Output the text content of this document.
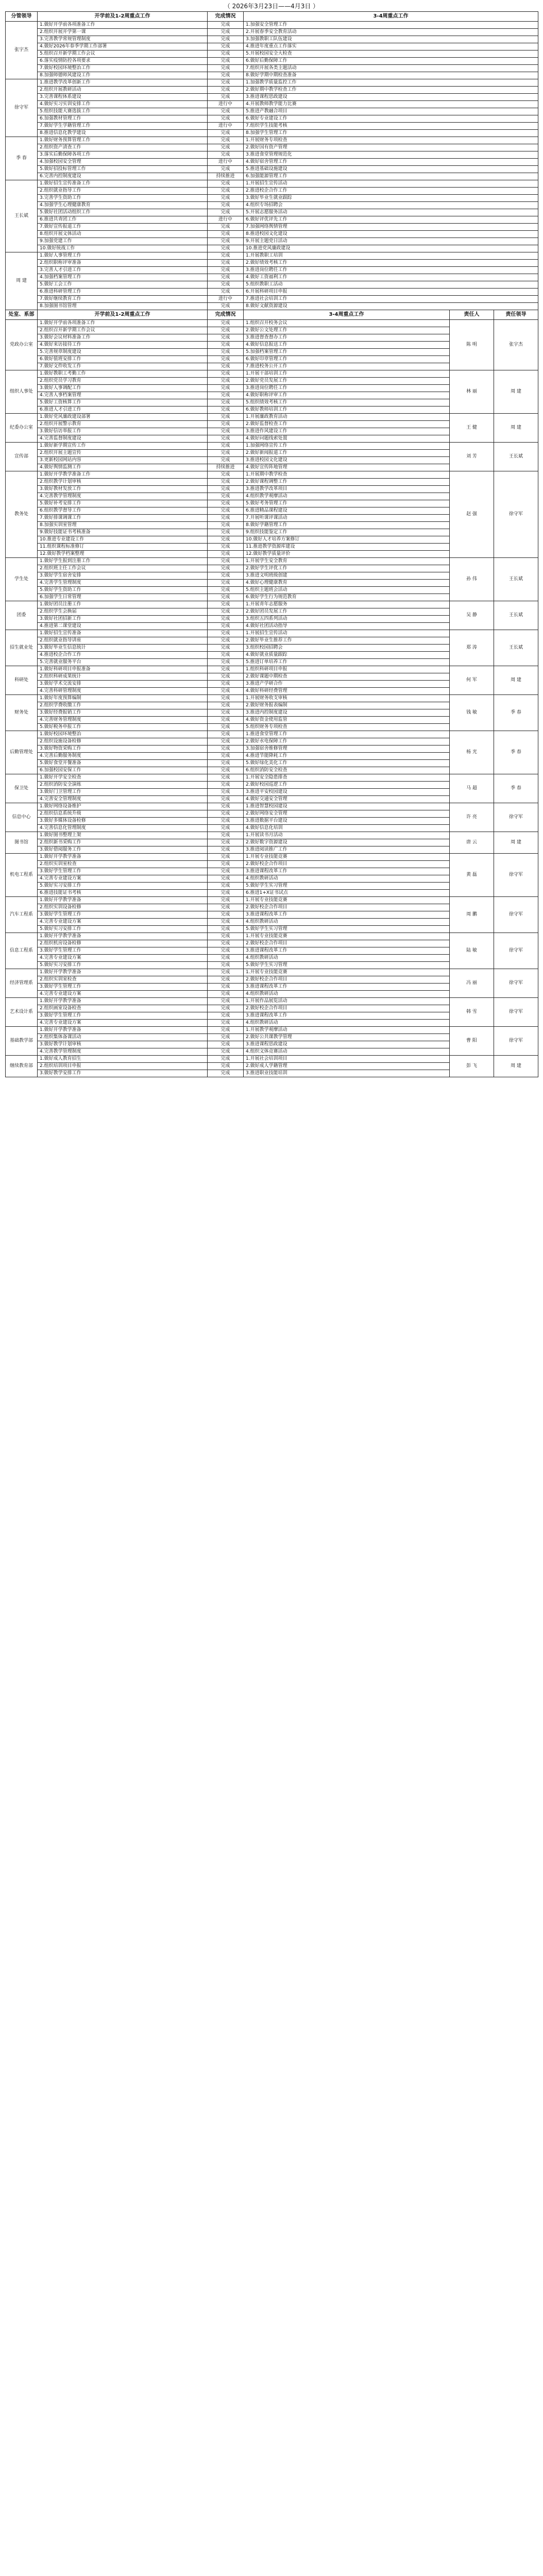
（ 2026年3月23日——4月3日 ）
分管领导	开学前及1-2周重点工作	完成情况	3-4周重点工作		
张宇杰	1.做好开学前各项准备工作	完成	1.加强安全管理工作		
	2.组织开展开学第一课	完成	2.开展春季安全教育活动		
	3.完善教学常规管理制度	完成	3.加强教职工队伍建设		
	4.做好2026年春季学期工作部署	完成	4.推进年度重点工作落实		
	5.组织召开新学期工作会议	完成	5.开展校园安全大检查		
	6.落实疫情防控各项要求	完成	6.做好后勤保障工作		
	7.做好校园环境整治工作	完成	7.组织开展各类主题活动		
	8.加强师德师风建设工作	完成	8.做好学期中期检查准备		
徐守军	1.推进教学改革创新工作	完成	1.加强教学质量监控工作		
	2.组织开展教研活动	完成	2.做好期中教学检查工作		
	3.完善课程体系建设	完成	3.推进课程思政建设		
	4.做好实习实训安排工作	进行中	4.开展教师教学能力比赛		
	5.组织技能大赛选拔工作	完成	5.推进产教融合项目		
	6.加强教材管理工作	完成	6.做好专业建设工作		
	7.做好学生学籍管理工作	进行中	7.组织学生技能考核		
	8.推进信息化教学建设	完成	8.加强学生管理工作		
季 春	1.做好财务预算管理工作	完成	1.开展财务专项检查		
	2.组织资产清查工作	完成	2.做好国有资产管理		
	3.落实后勤保障各项工作	完成	3.推进食堂管理规范化		
	4.加强校园安全管理	进行中	4.做好宿舍管理工作		
	5.做好招投标管理工作	完成	5.推进基础设施建设		
	6.完善内控制度建设	持续推进	6.加强能源管理工作		
王长斌	1.做好招生宣传准备工作	完成	1.开展招生宣传活动		
	2.组织就业指导工作	完成	2.推进校企合作工作		
	3.完善学生资助工作	完成	3.做好毕业生就业跟踪		
	4.加强学生心理健康教育	完成	4.组织专场招聘会		
	5.做好社团活动组织工作	完成	5.开展志愿服务活动		
	6.推进共青团工作	进行中	6.做好评优评先工作		
	7.做好宣传报道工作	完成	7.加强网络舆情管理		
	8.组织开展文体活动	完成	8.推进校园文化建设		
	9.加强党建工作	完成	9.开展主题党日活动		
	10.做好统战工作	完成	10.推进党风廉政建设		
周 建	1.做好人事管理工作	完成	1.开展教职工培训		
	2.组织职称评审准备	完成	2.做好绩效考核工作		
	3.完善人才引进工作	完成	3.推进岗位聘任工作		
	4.加强档案管理工作	完成	4.做好工资福利工作		
	5.做好工会工作	完成	5.组织教职工活动		
	6.推进科研管理工作	完成	6.开展科研项目申报		
	7.做好继续教育工作	进行中	7.推进社会培训工作		
	8.加强图书馆管理	完成	8.做好文献资源建设		
处室、系部	开学前及1-2周重点工作	完成情况	3-4周重点工作	责任人	责任领导
党政办公室	1.做好开学前各项准备工作	完成	1.组织召开校务会议	陈 明	张宇杰
	2.组织召开新学期工作会议	完成	2.做好公文处理工作		
	3.做好会议材料准备工作	完成	3.推进督查督办工作		
	4.做好来访接待工作	完成	4.做好信息报送工作		
	5.完善规章制度建设	完成	5.加强档案管理工作		
	6.做好值班安排工作	完成	6.做好印章管理工作		
	7.做好文件收发工作	完成	7.推进校务公开工作		
组织人事处	1.做好教职工考勤工作	完成	1.开展干部培训工作	林 丽	周 建
	2.组织党员学习教育	完成	2.做好党员发展工作		
	3.做好人事调配工作	完成	3.推进岗位聘任工作		
	4.完善人事档案管理	完成	4.做好职称评审工作		
	5.做好工资核算工作	完成	5.组织绩效考核工作		
	6.推进人才引进工作	完成	6.做好教师培训工作		
纪委办公室	1.做好党风廉政建设部署	完成	1.开展廉政教育活动	王 健	周 建
	2.组织开展警示教育	完成	2.做好监督检查工作		
	3.做好信访举报工作	完成	3.推进作风建设工作		
	4.完善监督制度建设	完成	4.做好问题线索处置		
宣传部	1.做好新学期宣传工作	完成	1.加强网络宣传工作	刘 芳	王长斌
	2.组织开展主题宣传	完成	2.做好新闻报道工作		
	3.更新校园网站内容	完成	3.推进校园文化建设		
	4.做好舆情监测工作	持续推进	4.做好宣传阵地管理		
教务处	1.做好开学教学准备工作	完成	1.开展期中教学检查	赵 强	徐守军
	2.组织教学计划审核	完成	2.做好课程调整工作		
	3.做好教材发放工作	完成	3.推进教学改革项目		
	4.完善教学管理制度	完成	4.组织教学观摩活动		
	5.做好补考安排工作	完成	5.做好考务管理工作		
	6.组织教学督导工作	完成	6.推进精品课程建设		
	7.做好排课调课工作	完成	7.开展听课评课活动		
	8.加强实训室管理	完成	8.做好学籍管理工作		
	9.做好技能证书考核准备	完成	9.组织技能鉴定工作		
	10.推进专业建设工作	完成	10.做好人才培养方案修订		
	11.组织课程标准修订	完成	11.推进教学资源库建设		
	12.做好教学档案整理	完成	12.做好教学质量评价		
学生处	1.做好学生报到注册工作	完成	1.开展学生安全教育	孙 伟	王长斌
	2.组织班主任工作会议	完成	2.做好学生评优工作		
	3.做好学生宿舍安排	完成	3.推进文明班级创建		
	4.完善学生管理制度	完成	4.做好心理健康教育		
	5.做好学生资助工作	完成	5.组织主题班会活动		
	6.加强学生日常管理	完成	6.做好学生行为规范教育		
团委	1.做好团员注册工作	完成	1.开展青年志愿服务	吴 静	王长斌
	2.组织学生会换届	完成	2.做好团员发展工作		
	3.做好社团招新工作	完成	3.组织五四系列活动		
	4.推进第二课堂建设	完成	4.做好社团活动指导		
招生就业处	1.做好招生宣传准备	完成	1.开展招生宣传活动	郑 涛	王长斌
	2.组织就业指导讲座	完成	2.做好毕业生推荐工作		
	3.做好毕业生信息统计	完成	3.组织校园招聘会		
	4.推进校企合作工作	完成	4.做好就业质量跟踪		
	5.完善就业服务平台	完成	5.推进订单培养工作		
科研处	1.做好科研项目申报准备	完成	1.组织科研项目申报	何 军	周 建
	2.组织科研成果统计	完成	2.做好课题中期检查		
	3.做好学术交流安排	完成	3.推进产学研合作		
	4.完善科研管理制度	完成	4.做好科研经费管理		
财务处	1.做好年度预算编制	完成	1.开展财务收支审核	钱 敏	季 春
	2.组织学费收缴工作	完成	2.做好财务报表编制		
	3.做好经费报销工作	完成	3.推进内控制度建设		
	4.完善财务管理制度	完成	4.做好资金使用监管		
	5.做好税务申报工作	完成	5.组织财务专项检查		
后勤管理处	1.做好校园环境整治	完成	1.推进食堂管理工作	杨 光	季 春
	2.组织设施设备检修	完成	2.做好水电保障工作		
	3.做好物资采购工作	完成	3.加强宿舍维修管理		
	4.完善后勤服务制度	完成	4.推进节能降耗工作		
	5.做好食堂开餐准备	完成	5.做好绿化美化工作		
	6.加强校园安保工作	完成	6.组织消防安全检查		
保卫处	1.做好开学安全检查	完成	1.开展安全隐患排查	马 超	季 春
	2.组织消防安全演练	完成	2.做好校园巡逻工作		
	3.做好门卫管理工作	完成	3.推进平安校园建设		
	4.完善安全管理制度	完成	4.做好交通安全管理		
信息中心	1.做好网络设备维护	完成	1.推进智慧校园建设	许 亮	徐守军
	2.组织信息系统升级	完成	2.做好网络安全管理		
	3.做好多媒体设备检修	完成	3.推进数据平台建设		
	4.完善信息化管理制度	完成	4.做好信息化培训		
图书馆	1.做好图书整理上架	完成	1.开展读书月活动	唐 云	周 建
	2.组织新书采购工作	完成	2.做好数字资源建设		
	3.做好借阅服务工作	完成	3.推进阅读推广工作		
机电工程系	1.做好开学教学准备	完成	1.开展专业技能竞赛	黄 磊	徐守军
	2.组织实训室检查	完成	2.做好校企合作项目		
	3.做好学生管理工作	完成	3.推进课程改革工作		
	4.完善专业建设方案	完成	4.组织教研活动		
	5.做好实习安排工作	完成	5.做好学生实习管理		
	6.推进技能证书考核	完成	6.推进1+X证书试点		
汽车工程系	1.做好开学教学准备	完成	1.开展专业技能竞赛	周 鹏	徐守军
	2.组织实训设备检修	完成	2.做好校企合作项目		
	3.做好学生管理工作	完成	3.推进课程改革工作		
	4.完善专业建设方案	完成	4.组织教研活动		
	5.做好实习安排工作	完成	5.做好学生实习管理		
信息工程系	1.做好开学教学准备	完成	1.开展专业技能竞赛	陆 敏	徐守军
	2.组织机房设备检修	完成	2.做好校企合作项目		
	3.做好学生管理工作	完成	3.推进课程改革工作		
	4.完善专业建设方案	完成	4.组织教研活动		
	5.做好实习安排工作	完成	5.做好学生实习管理		
经济管理系	1.做好开学教学准备	完成	1.开展专业技能竞赛	冯 丽	徐守军
	2.组织实训室检查	完成	2.做好校企合作项目		
	3.做好学生管理工作	完成	3.推进课程改革工作		
	4.完善专业建设方案	完成	4.组织教研活动		
艺术设计系	1.做好开学教学准备	完成	1.开展作品展览活动	韩 雪	徐守军
	2.组织画室设备检查	完成	2.做好校企合作项目		
	3.做好学生管理工作	完成	3.推进课程改革工作		
	4.完善专业建设方案	完成	4.组织教研活动		
基础教学部	1.做好开学教学准备	完成	1.开展教学观摩活动	曹 阳	徐守军
	2.组织集体备课活动	完成	2.做好公共课教学管理		
	3.做好教学计划审核	完成	3.推进课程思政建设		
	4.完善教学管理制度	完成	4.组织文体竞赛活动		
继续教育部	1.做好成人教育招生	完成	1.开展社会培训项目	彭 飞	周 建
	2.组织培训项目申报	完成	2.做好成人学籍管理		
	3.做好教学安排工作	完成	3.推进职业技能培训		
